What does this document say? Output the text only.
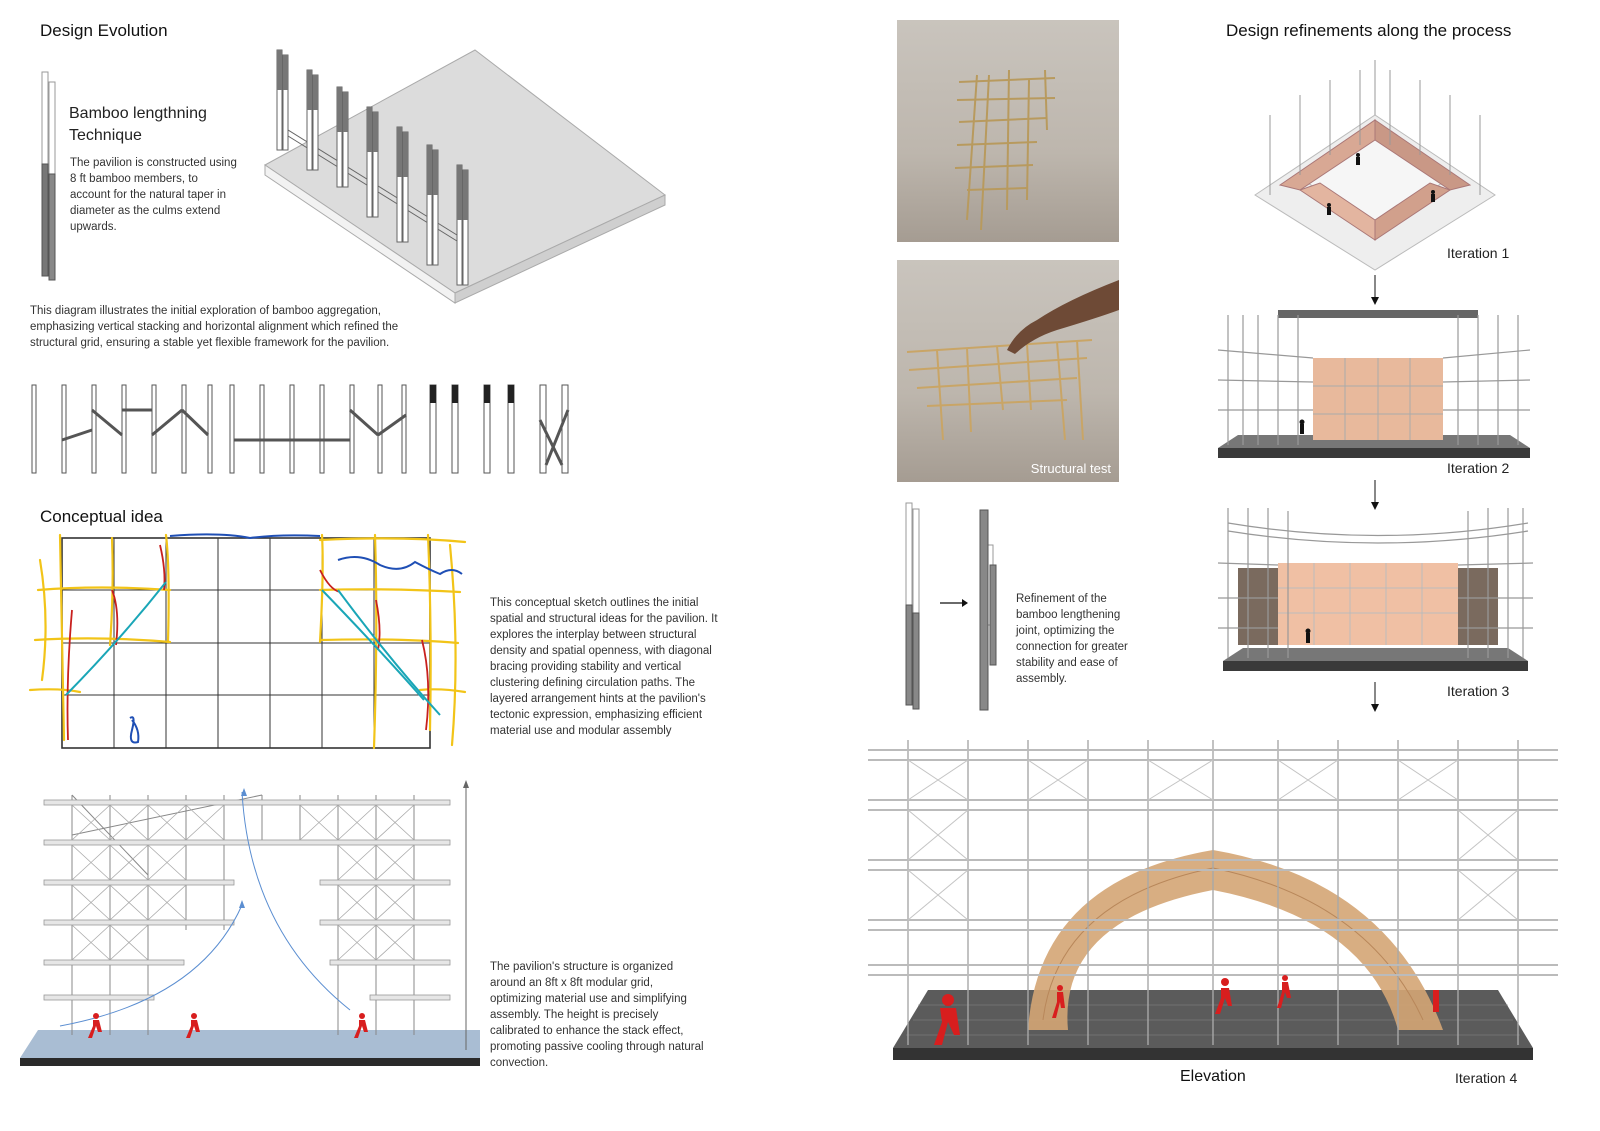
Design Evolution
Bamboo lengthning
Technique
The pavilion is constructed using 8 ft bamboo members, to account for the natural taper in diameter as the culms extend upwards.
This diagram illustrates the initial exploration of bamboo aggregation, emphasizing vertical stacking and horizontal alignment which refined the structural grid, ensuring a stable yet flexible framework for the pavilion.
Conceptual idea
This conceptual sketch outlines the initial spatial and structural ideas for the pavilion. It explores the interplay between structural density and spatial openness, with diagonal bracing providing stability and vertical clustering defining circulation paths. The layered arrangement hints at the pavilion's tectonic expression, emphasizing efficient material use and modular assembly
The pavilion's structure is organized around an 8ft x 8ft modular grid, optimizing material use and simplifying assembly. The height is precisely calibrated to enhance the stack effect, promoting passive cooling through natural convection.
Structural test
Refinement of the bamboo lengthening joint, optimizing the connection for greater stability and ease of assembly.
Design refinements along the process
Iteration 1
Iteration 2
Iteration 3
Elevation	Iteration 4
